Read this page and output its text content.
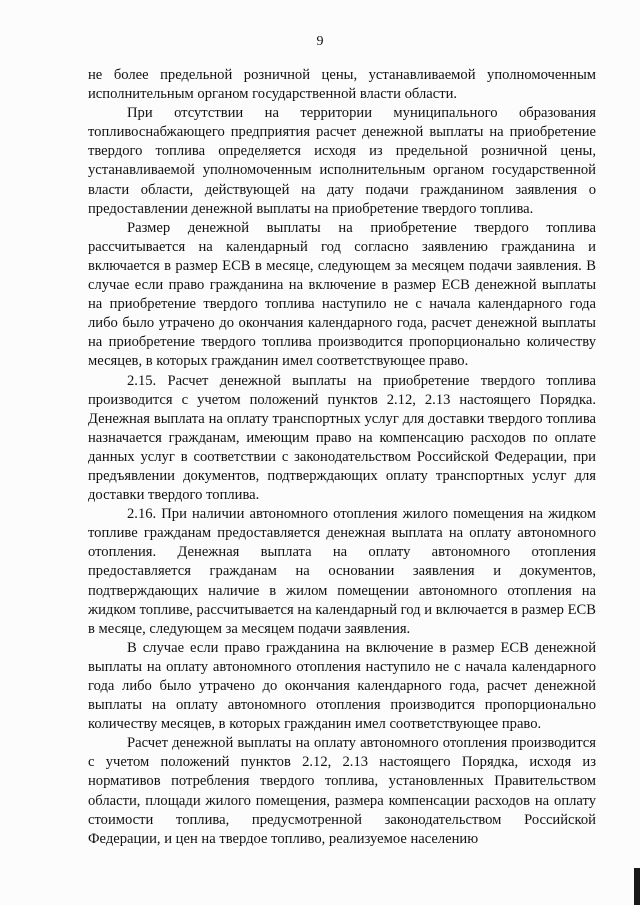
9

не более предельной розничной цены, устанавливаемой уполномоченным исполнительным органом государственной власти области.

При отсутствии на территории муниципального образования топливоснабжающего предприятия расчет денежной выплаты на приобретение твердого топлива определяется исходя из предельной розничной цены, устанавливаемой уполномоченным исполнительным органом государственной власти области, действующей на дату подачи гражданином заявления о предоставлении денежной выплаты на приобретение твердого топлива.

Размер денежной выплаты на приобретение твердого топлива рассчитывается на календарный год согласно заявлению гражданина и включается в размер ЕСВ в месяце, следующем за месяцем подачи заявления. В случае если право гражданина на включение в размер ЕСВ денежной выплаты на приобретение твердого топлива наступило не с начала календарного года либо было утрачено до окончания календарного года, расчет денежной выплаты на приобретение твердого топлива производится пропорционально количеству месяцев, в которых гражданин имел соответствующее право.

2.15. Расчет денежной выплаты на приобретение твердого топлива производится с учетом положений пунктов 2.12, 2.13 настоящего Порядка. Денежная выплата на оплату транспортных услуг для доставки твердого топлива назначается гражданам, имеющим право на компенсацию расходов по оплате данных услуг в соответствии с законодательством Российской Федерации, при предъявлении документов, подтверждающих оплату транспортных услуг для доставки твердого топлива.

2.16. При наличии автономного отопления жилого помещения на жидком топливе гражданам предоставляется денежная выплата на оплату автономного отопления. Денежная выплата на оплату автономного отопления предоставляется гражданам на основании заявления и документов, подтверждающих наличие в жилом помещении автономного отопления на жидком топливе, рассчитывается на календарный год и включается в размер ЕСВ в месяце, следующем за месяцем подачи заявления.

В случае если право гражданина на включение в размер ЕСВ денежной выплаты на оплату автономного отопления наступило не с начала календарного года либо было утрачено до окончания календарного года, расчет денежной выплаты на оплату автономного отопления производится пропорционально количеству месяцев, в которых гражданин имел соответствующее право.

Расчет денежной выплаты на оплату автономного отопления производится с учетом положений пунктов 2.12, 2.13 настоящего Порядка, исходя из нормативов потребления твердого топлива, установленных Правительством области, площади жилого помещения, размера компенсации расходов на оплату стоимости топлива, предусмотренной законодательством Российской Федерации, и цен на твердое топливо, реализуемое населению
